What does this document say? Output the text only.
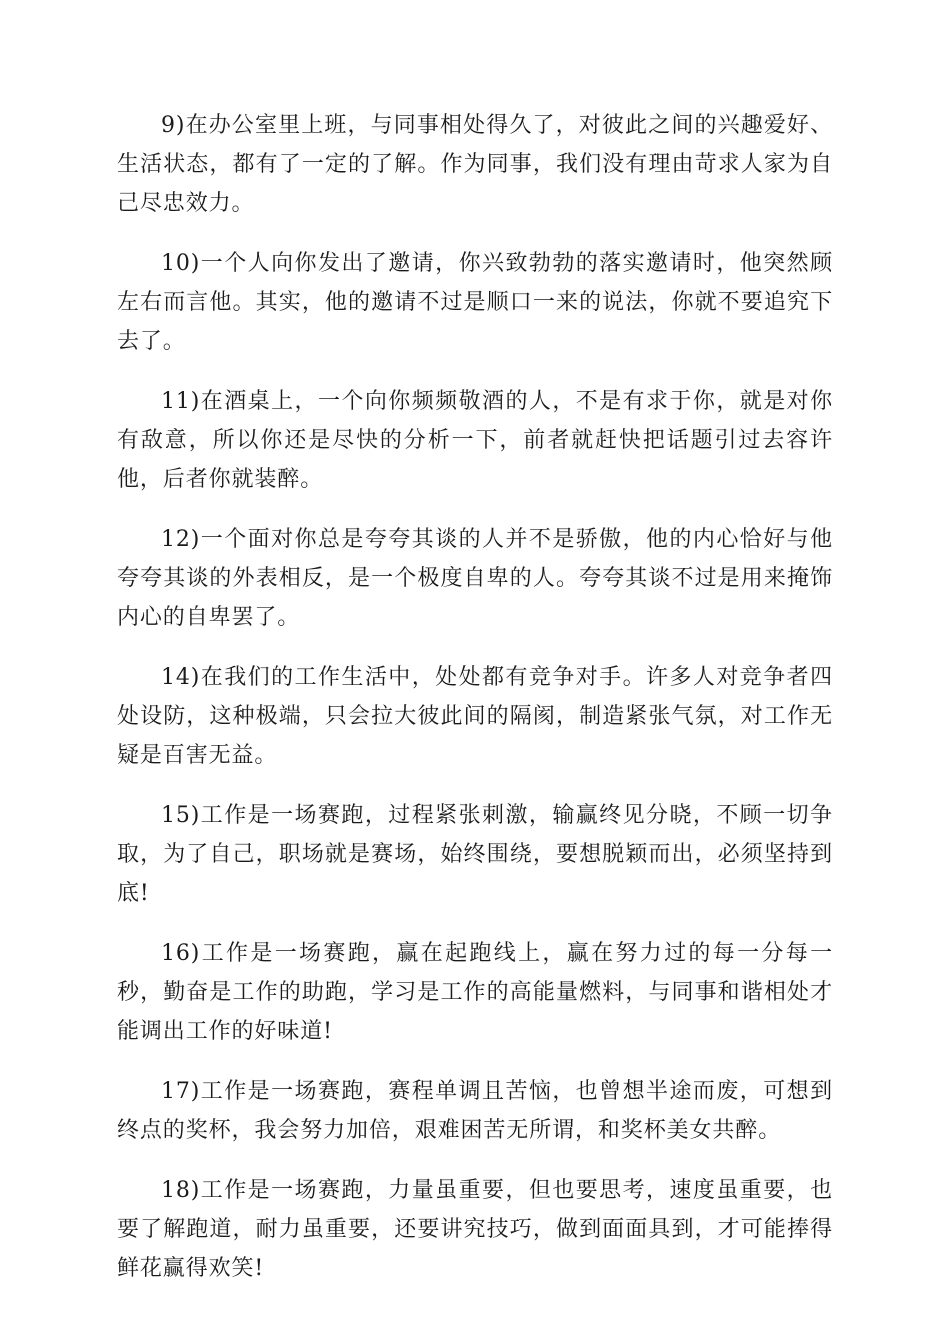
9)在办公室里上班，与同事相处得久了，对彼此之间的兴趣爱好、生活状态，都有了一定的了解。作为同事，我们没有理由苛求人家为自己尽忠效力。

10)一个人向你发出了邀请，你兴致勃勃的落实邀请时，他突然顾左右而言他。其实，他的邀请不过是顺口一来的说法，你就不要追究下去了。

11)在酒桌上，一个向你频频敬酒的人，不是有求于你，就是对你有敌意，所以你还是尽快的分析一下，前者就赶快把话题引过去容许他，后者你就装醉。

12)一个面对你总是夸夸其谈的人并不是骄傲，他的内心恰好与他夸夸其谈的外表相反，是一个极度自卑的人。夸夸其谈不过是用来掩饰内心的自卑罢了。

14)在我们的工作生活中，处处都有竞争对手。许多人对竞争者四处设防，这种极端，只会拉大彼此间的隔阂，制造紧张气氛，对工作无疑是百害无益。

15)工作是一场赛跑，过程紧张刺激，输赢终见分晓，不顾一切争取，为了自己，职场就是赛场，始终围绕，要想脱颖而出，必须坚持到底!

16)工作是一场赛跑，赢在起跑线上，赢在努力过的每一分每一秒，勤奋是工作的助跑，学习是工作的高能量燃料，与同事和谐相处才能调出工作的好味道!

17)工作是一场赛跑，赛程单调且苦恼，也曾想半途而废，可想到终点的奖杯，我会努力加倍，艰难困苦无所谓，和奖杯美女共醉。

18)工作是一场赛跑，力量虽重要，但也要思考，速度虽重要，也要了解跑道，耐力虽重要，还要讲究技巧，做到面面具到，才可能捧得鲜花赢得欢笑!
